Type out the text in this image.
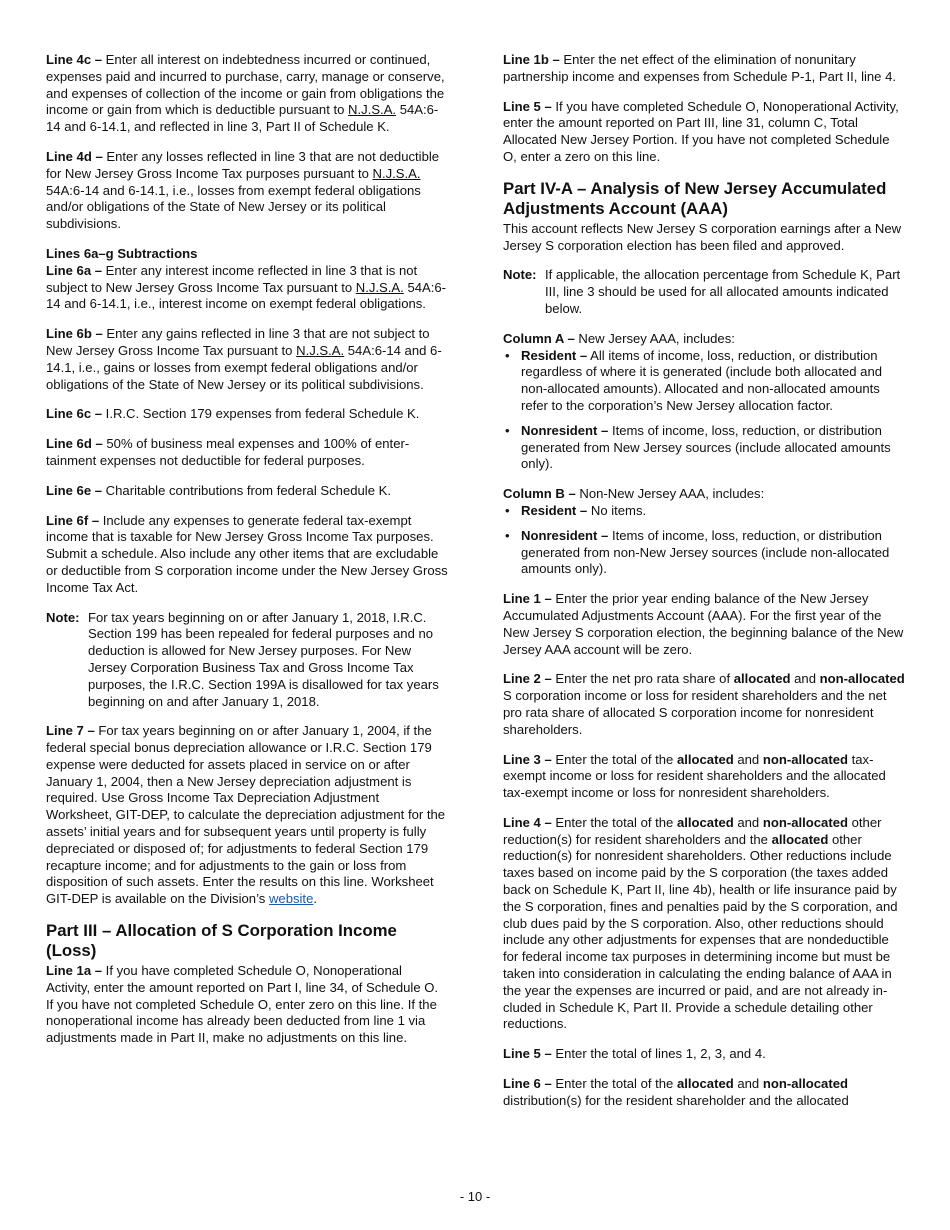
Line 4c – Enter all interest on indebtedness incurred or continued, expenses paid and incurred to purchase, carry, manage or conserve, and expenses of collection of the income or gain from obligations the income or gain from which is deductible pursuant to N.J.S.A. 54A:6-14 and 6-14.1, and reflected in line 3, Part II of Schedule K.

Line 4d – Enter any losses reflected in line 3 that are not deductible for New Jersey Gross Income Tax purposes pursuant to N.J.S.A. 54A:6-14 and 6-14.1, i.e., losses from exempt federal obligations and/or obligations of the State of New Jersey or its political subdivisions.

Lines 6a–g Subtractions

Line 6a – Enter any interest income reflected in line 3 that is not subject to New Jersey Gross Income Tax pursuant to N.J.S.A. 54A:6-14 and 6-14.1, i.e., interest income on exempt federal obligations.

Line 6b – Enter any gains reflected in line 3 that are not subject to New Jersey Gross Income Tax pursuant to N.J.S.A. 54A:6-14 and 6-14.1, i.e., gains or losses from exempt federal obligations and/or obligations of the State of New Jersey or its political subdivisions.

Line 6c – I.R.C. Section 179 expenses from federal Schedule K.

Line 6d – 50% of business meal expenses and 100% of entertainment expenses not deductible for federal purposes.

Line 6e – Charitable contributions from federal Schedule K.

Line 6f – Include any expenses to generate federal tax-exempt income that is taxable for New Jersey Gross Income Tax purposes. Submit a schedule. Also include any other items that are excludable or deductible from S corporation income under the New Jersey Gross Income Tax Act.

Note: For tax years beginning on or after January 1, 2018, I.R.C. Section 199 has been repealed for federal purposes and no deduction is allowed for New Jersey purposes. For New Jersey Corporation Business Tax and Gross Income Tax purposes, the I.R.C. Section 199A is disallowed for tax years beginning on and after January 1, 2018.

Line 7 – For tax years beginning on or after January 1, 2004, if the federal special bonus depreciation allowance or I.R.C. Section 179 expense were deducted for assets placed in service on or after January 1, 2004, then a New Jersey depreciation adjustment is required. Use Gross Income Tax Depreciation Adjustment Worksheet, GIT-DEP, to calculate the depreciation adjustment for the assets’ initial years and for subsequent years until property is fully depreciated or disposed of; for adjustments to federal Section 179 recapture income; and for adjustments to the gain or loss from disposition of such assets. Enter the results on this line. Worksheet GIT-DEP is available on the Division’s website.

Part III – Allocation of S Corporation Income (Loss)

Line 1a – If you have completed Schedule O, Nonoperational Activity, enter the amount reported on Part I, line 34, of Schedule O. If you have not completed Schedule O, enter zero on this line. If the nonoperational income has already been deducted from line 1 via adjustments made in Part II, make no adjustments on this line.

Line 1b – Enter the net effect of the elimination of nonunitary partnership income and expenses from Schedule P-1, Part II, line 4.

Line 5 – If you have completed Schedule O, Nonoperational Activity, enter the amount reported on Part III, line 31, column C, Total Allocated New Jersey Portion. If you have not completed Schedule O, enter a zero on this line.

Part IV-A – Analysis of New Jersey Accumulated Adjustments Account (AAA)

This account reflects New Jersey S corporation earnings after a New Jersey S corporation election has been filed and approved.

Note: If applicable, the allocation percentage from Schedule K, Part III, line 3 should be used for all allocated amounts indicated below.
Column A – New Jersey AAA, includes:
• Resident – All items of income, loss, reduction, or distribution regardless of where it is generated (include both allocated and non-allocated amounts). Allocated and non-allocated amounts refer to the corporation’s New Jersey allocation factor.
• Nonresident – Items of income, loss, reduction, or distribution generated from New Jersey sources (include allocated amounts only).
Column B – Non-New Jersey AAA, includes:
• Resident – No items.
• Nonresident – Items of income, loss, reduction, or distribution generated from non-New Jersey sources (include non-allocated amounts only).

Line 1 – Enter the prior year ending balance of the New Jersey Accumulated Adjustments Account (AAA). For the first year of the New Jersey S corporation election, the beginning balance of the New Jersey AAA account will be zero.

Line 2 – Enter the net pro rata share of allocated and non-allocated S corporation income or loss for resident shareholders and the net pro rata share of allocated S corporation income for nonresident shareholders.

Line 3 – Enter the total of the allocated and non-allocated tax-exempt income or loss for resident shareholders and the allocated tax-exempt income or loss for nonresident shareholders.

Line 4 – Enter the total of the allocated and non-allocated other reduction(s) for resident shareholders and the allocated other reduction(s) for nonresident shareholders. Other reductions include taxes based on income paid by the S corporation (the taxes added back on Schedule K, Part II, line 4b), health or life insurance paid by the S corporation, fines and penalties paid by the S corporation, and club dues paid by the S corporation. Also, other reductions should include any other adjustments for expenses that are nondeductible for federal income tax purposes in determining income but must be taken into consideration in calculating the ending balance of AAA in the year the expenses are incurred or paid, and are not already included in Schedule K, Part II. Provide a schedule detailing other reductions.

Line 5 – Enter the total of lines 1, 2, 3, and 4.

Line 6 – Enter the total of the allocated and non-allocated distribution(s) for the resident shareholder and the allocated

- 10 -
